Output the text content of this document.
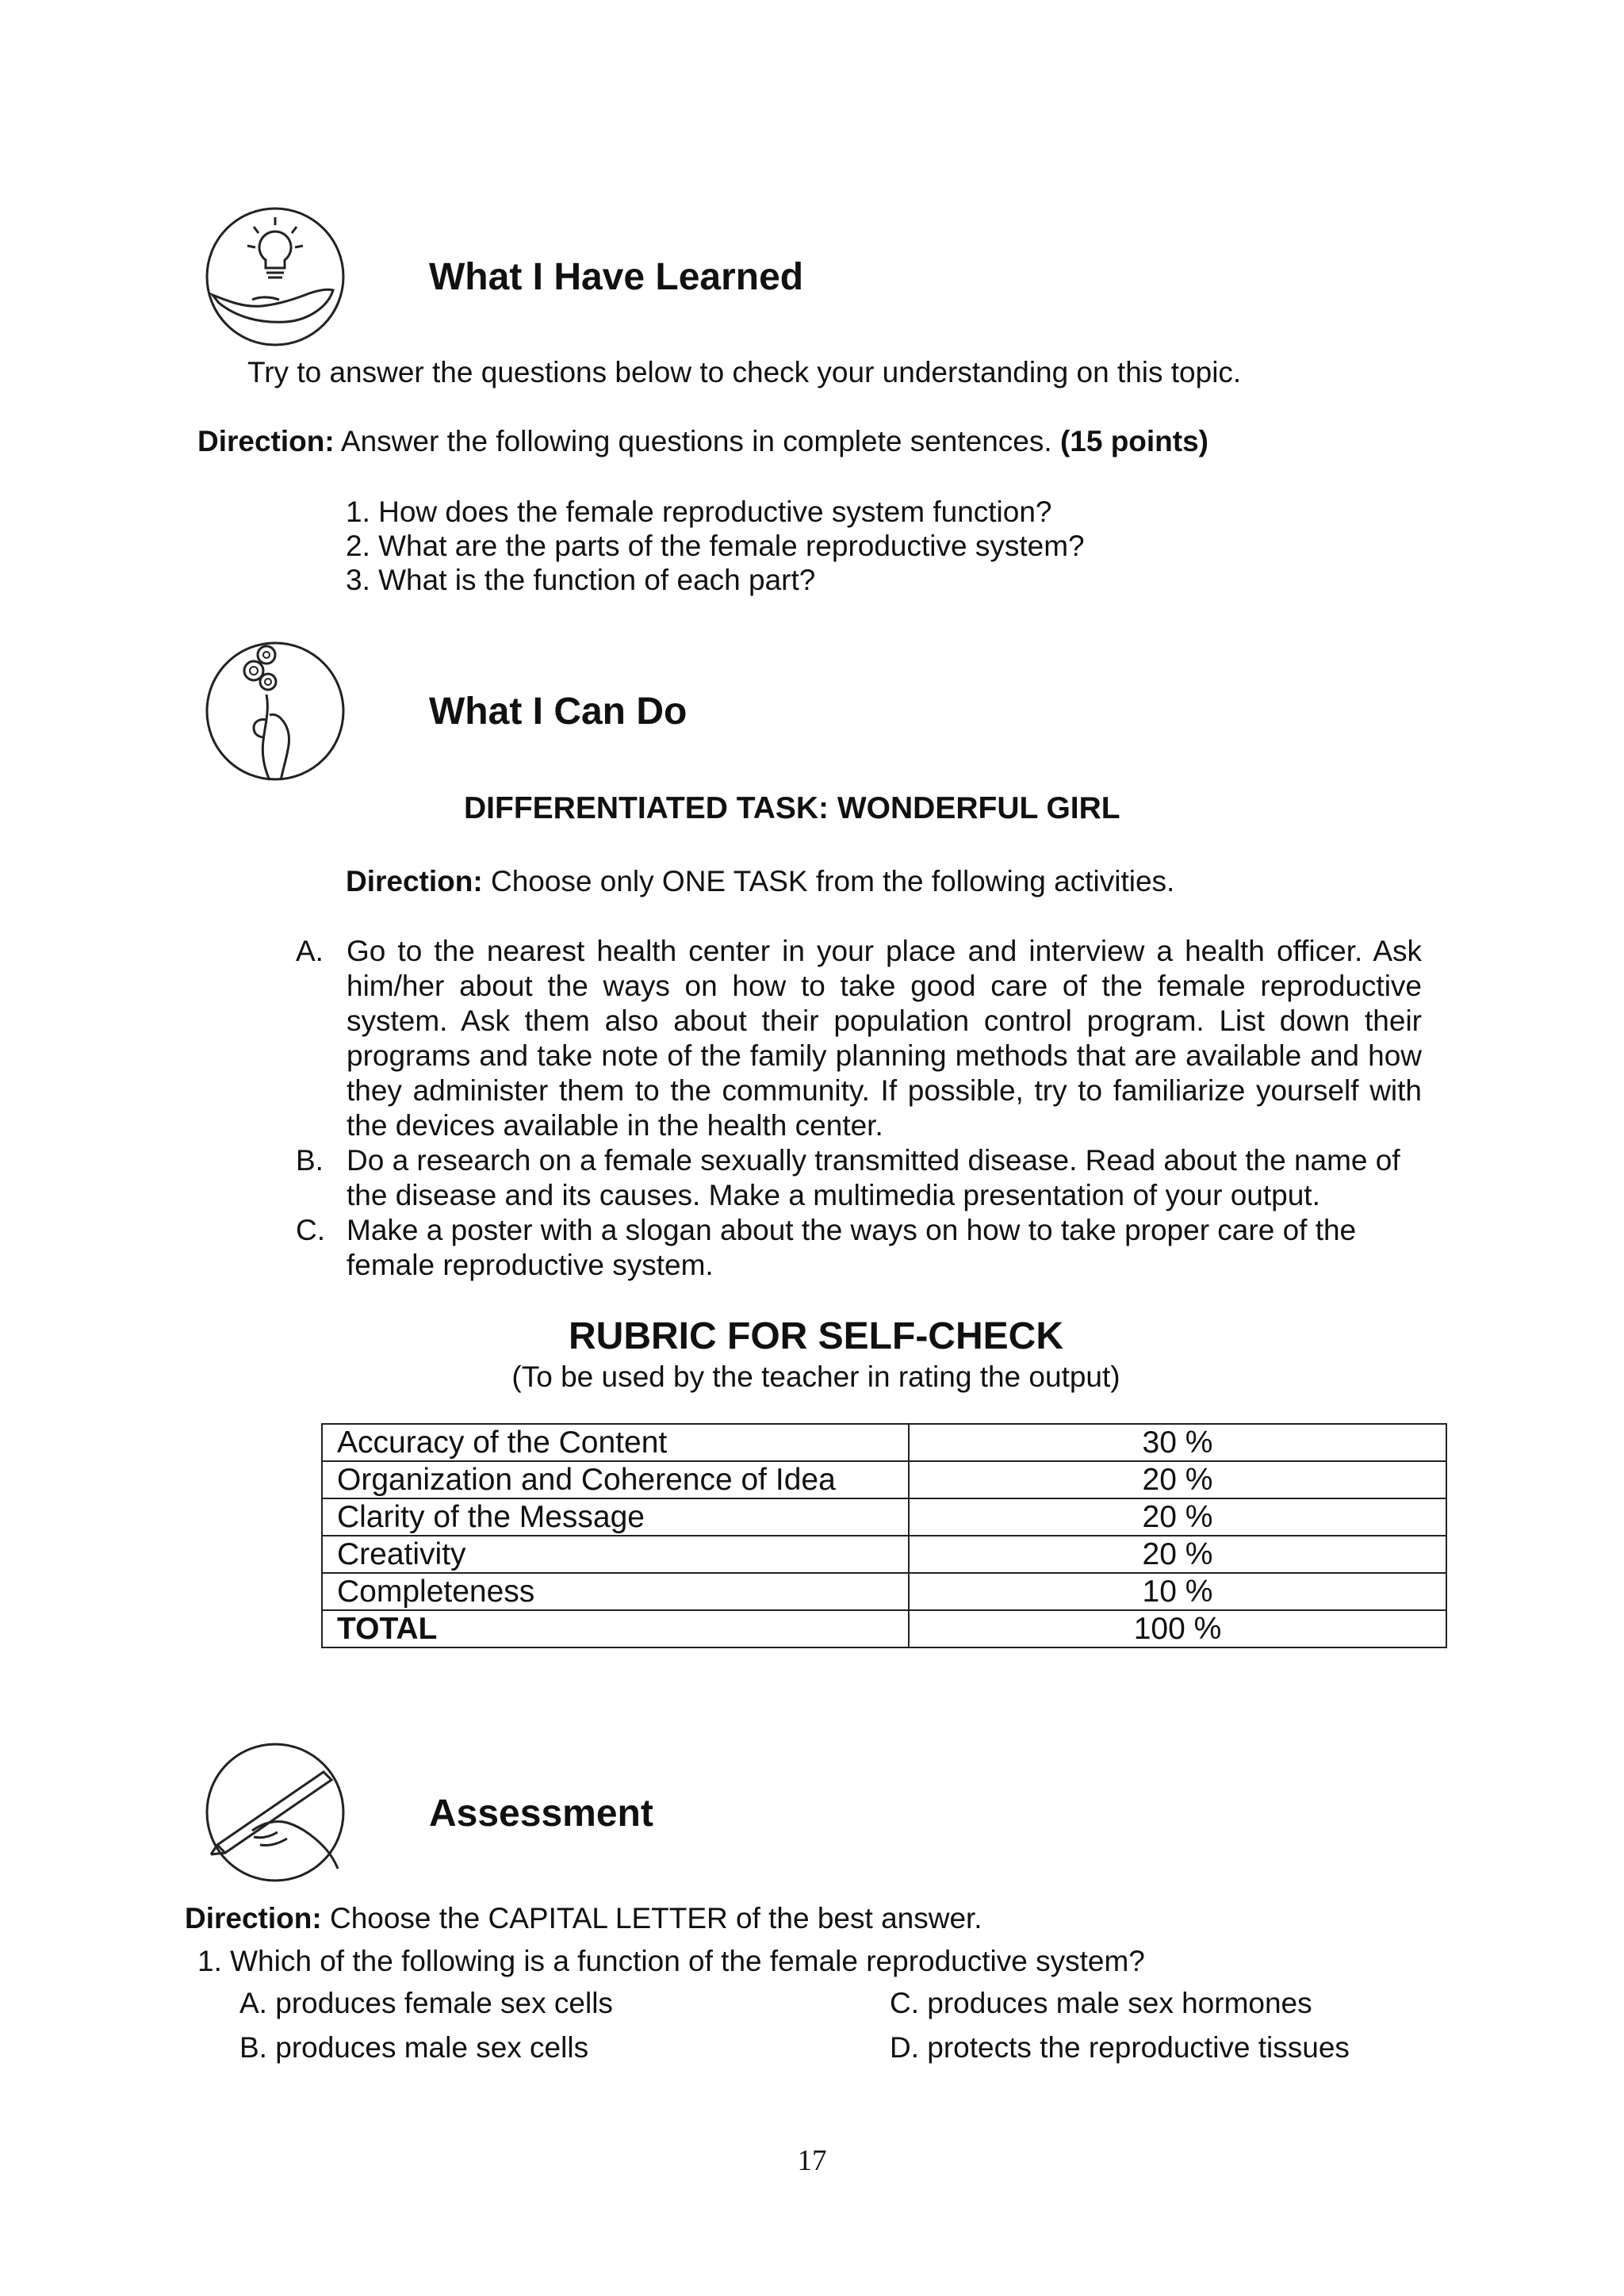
What I Have Learned
Try to answer the questions below to check your understanding on this topic.
Direction: Answer the following questions in complete sentences. (15 points)
1. How does the female reproductive system function?
2. What are the parts of the female reproductive system?
3. What is the function of each part?
What I Can Do
DIFFERENTIATED TASK: WONDERFUL GIRL
Direction: Choose only ONE TASK from the following activities.
A. Go to the nearest health center in your place and interview a health officer. Ask him/her about the ways on how to take good care of the female reproductive system. Ask them also about their population control program. List down their programs and take note of the family planning methods that are available and how they administer them to the community. If possible, try to familiarize yourself with the devices available in the health center.
B. Do a research on a female sexually transmitted disease. Read about the name of the disease and its causes. Make a multimedia presentation of your output.
C. Make a poster with a slogan about the ways on how to take proper care of the female reproductive system.
RUBRIC FOR SELF-CHECK
(To be used by the teacher in rating the output)
Accuracy of the Content	30 %
Organization and Coherence of Idea	20 %
Clarity of the Message	20 %
Creativity	20 %
Completeness	10 %
TOTAL	100 %
Assessment
Direction: Choose the CAPITAL LETTER of the best answer.
1. Which of the following is a function of the female reproductive system?
A. produces female sex cells	C. produces male sex hormones
B. produces male sex cells	D. protects the reproductive tissues
17
